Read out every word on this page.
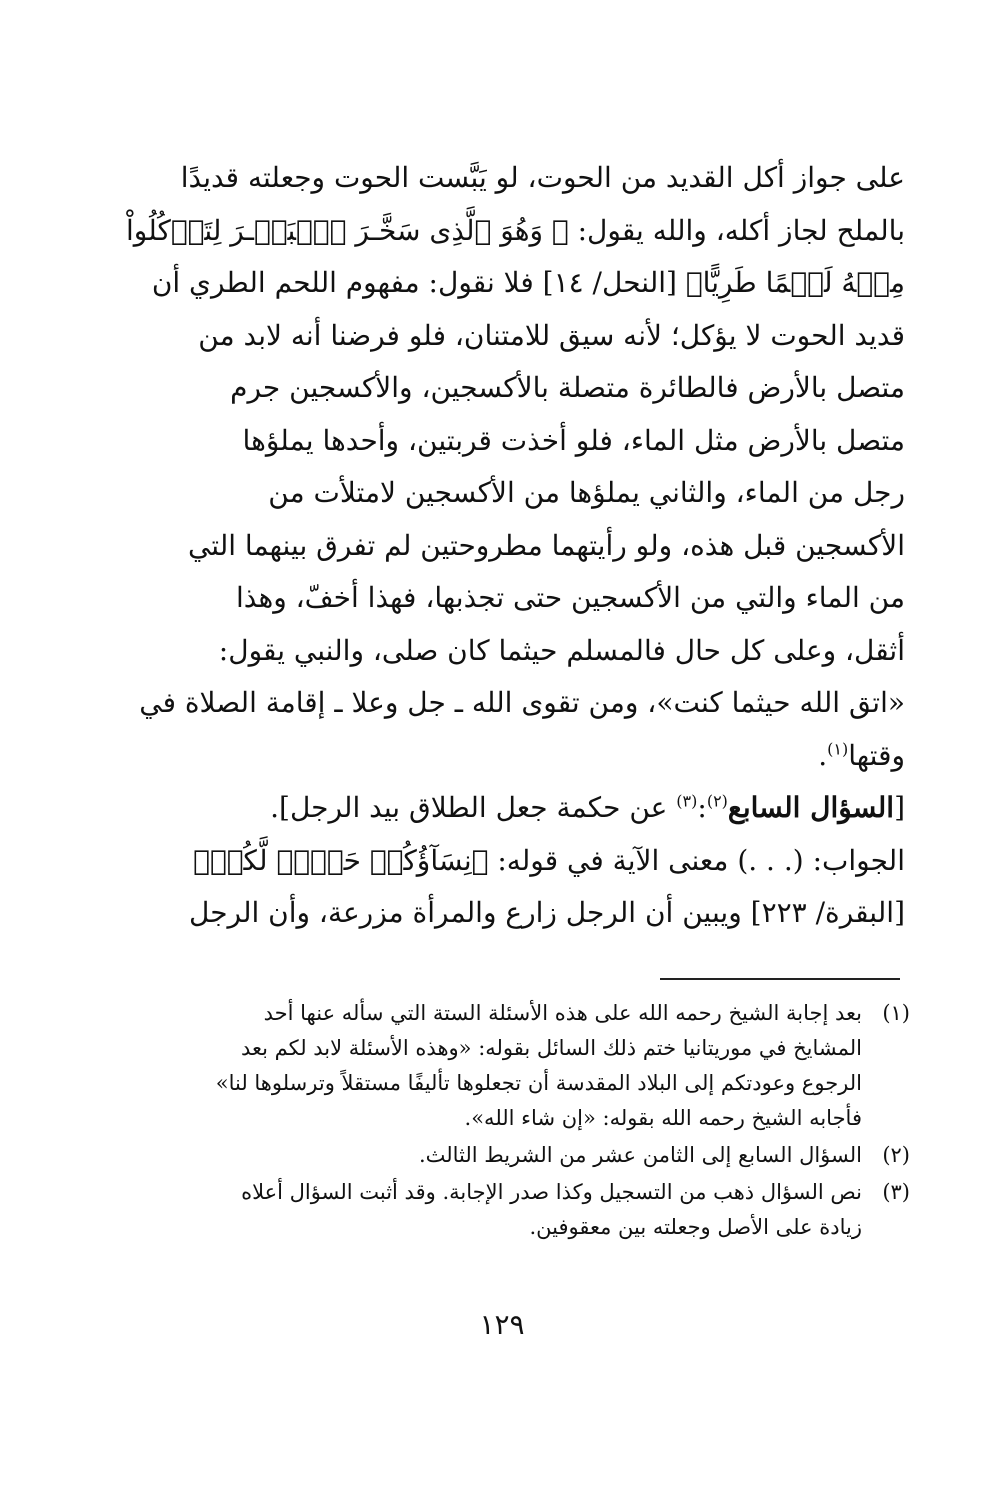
على جواز أكل القديد من الحوت، لو يَبَّست الحوت وجعلته قديدًا
بالملح لجاز أكله، والله يقول: ﴿ وَهُوَ ٱلَّذِى سَخَّـرَ ٱلۡبَحۡـرَ لِتَأۡكُلُواْ
مِنۡهُ لَحۡمًا طَرِيًّا﴾ [النحل/ ١٤] فلا نقول: مفهوم اللحم الطري أن
قديد الحوت لا يؤكل؛ لأنه سيق للامتنان، فلو فرضنا أنه لابد من
متصل بالأرض فالطائرة متصلة بالأكسجين، والأكسجين جرم
متصل بالأرض مثل الماء، فلو أخذت قربتين، وأحدها يملؤها
رجل من الماء، والثاني يملؤها من الأكسجين لامتلأت من
الأكسجين قبل هذه، ولو رأيتهما مطروحتين لم تفرق بينهما التي
من الماء والتي من الأكسجين حتى تجذبها، فهذا أخفّ، وهذا
أثقل، وعلى كل حال فالمسلم حيثما كان صلى، والنبي يقول:
«اتق الله حيثما كنت»، ومن تقوى الله ـ جل وعلا ـ إقامة الصلاة في
وقتها$^{(١)}$.

[السؤال السابع$^{(٢)}$:$^{(٣)}$ عن حكمة جعل الطلاق بيد الرجل].

الجواب: (. . .) معنى الآية في قوله: ﴿نِسَآؤُكُمۡ حَرۡثٞ لَّكُمۡ﴾
[البقرة/ ٢٢٣] ويبين أن الرجل زارع والمرأة مزرعة، وأن الرجل

(١)
بعد إجابة الشيخ رحمه الله على هذه الأسئلة الستة التي سأله عنها أحد
المشايخ في موريتانيا ختم ذلك السائل بقوله: «وهذه الأسئلة لابد لكم بعد
الرجوع وعودتكم إلى البلاد المقدسة أن تجعلوها تأليفًا مستقلاً وترسلوها لنا»
فأجابه الشيخ رحمه الله بقوله: «إن شاء الله».
(٢)
السؤال السابع إلى الثامن عشر من الشريط الثالث.
(٣)
نص السؤال ذهب من التسجيل وكذا صدر الإجابة. وقد أثبت السؤال أعلاه
زيادة على الأصل وجعلته بين معقوفين.
١٢٩
